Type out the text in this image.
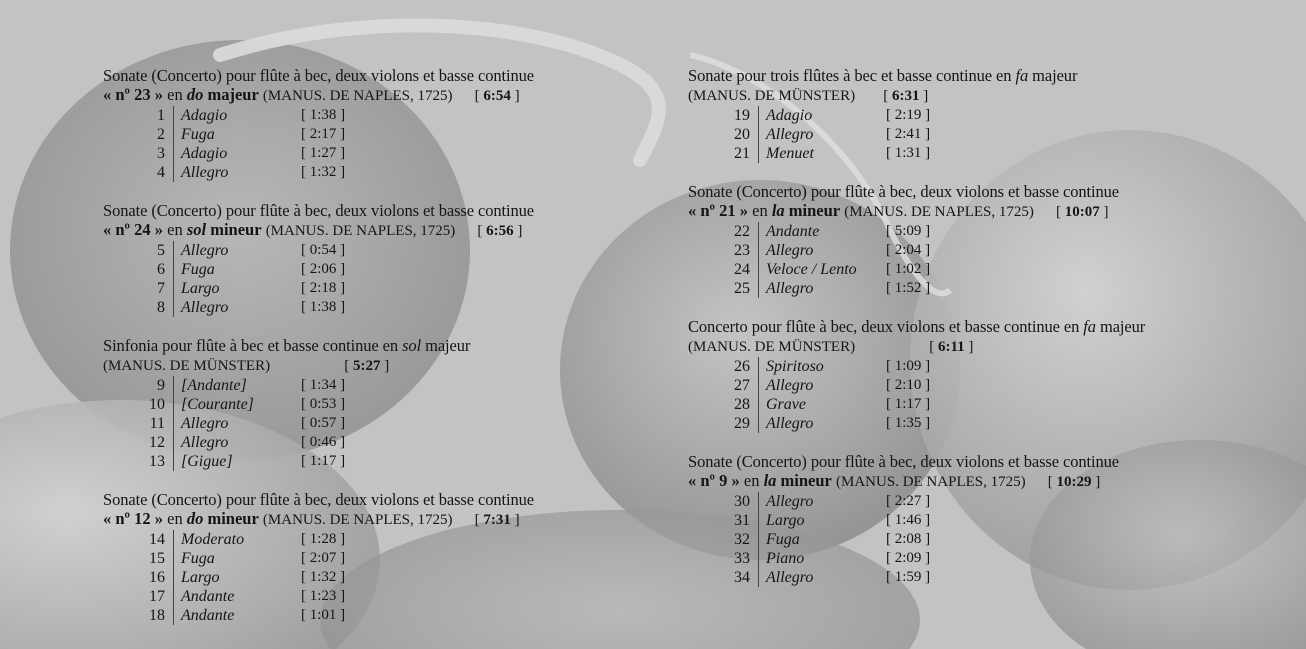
Sonate (Concerto) pour flûte à bec, deux violons et basse continue
« nº 23 » en do majeur (MANUS. DE NAPLES, 1725) [ 6:54 ]
1	Adagio	[ 1:38 ]
2	Fuga	[ 2:17 ]
3	Adagio	[ 1:27 ]
4	Allegro	[ 1:32 ]
Sonate (Concerto) pour flûte à bec, deux violons et basse continue
« nº 24 » en sol mineur (MANUS. DE NAPLES, 1725) [ 6:56 ]
5	Allegro	[ 0:54 ]
6	Fuga	[ 2:06 ]
7	Largo	[ 2:18 ]
8	Allegro	[ 1:38 ]
Sinfonia pour flûte à bec et basse continue en sol majeur
(MANUS. DE MÜNSTER)	[ 5:27 ]
9	[Andante]	[ 1:34 ]
10	[Courante]	[ 0:53 ]
11	Allegro	[ 0:57 ]
12	Allegro	[ 0:46 ]
13	[Gigue]	[ 1:17 ]
Sonate (Concerto) pour flûte à bec, deux violons et basse continue
« nº 12 » en do mineur (MANUS. DE NAPLES, 1725) [ 7:31 ]
14	Moderato	[ 1:28 ]
15	Fuga	[ 2:07 ]
16	Largo	[ 1:32 ]
17	Andante	[ 1:23 ]
18	Andante	[ 1:01 ]
Sonate pour trois flûtes à bec et basse continue en fa majeur
(MANUS. DE MÜNSTER) [ 6:31 ]
19	Adagio	[ 2:19 ]
20	Allegro	[ 2:41 ]
21	Menuet	[ 1:31 ]
Sonate (Concerto) pour flûte à bec, deux violons et basse continue
« nº 21 » en la mineur (MANUS. DE NAPLES, 1725) [ 10:07 ]
22	Andante	[ 5:09 ]
23	Allegro	[ 2:04 ]
24	Veloce / Lento	[ 1:02 ]
25	Allegro	[ 1:52 ]
Concerto pour flûte à bec, deux violons et basse continue en fa majeur
(MANUS. DE MÜNSTER)	[ 6:11 ]
26	Spiritoso	[ 1:09 ]
27	Allegro	[ 2:10 ]
28	Grave	[ 1:17 ]
29	Allegro	[ 1:35 ]
Sonate (Concerto) pour flûte à bec, deux violons et basse continue
« nº 9 » en la mineur (MANUS. DE NAPLES, 1725) [ 10:29 ]
30	Allegro	[ 2:27 ]
31	Largo	[ 1:46 ]
32	Fuga	[ 2:08 ]
33	Piano	[ 2:09 ]
34	Allegro	[ 1:59 ]
